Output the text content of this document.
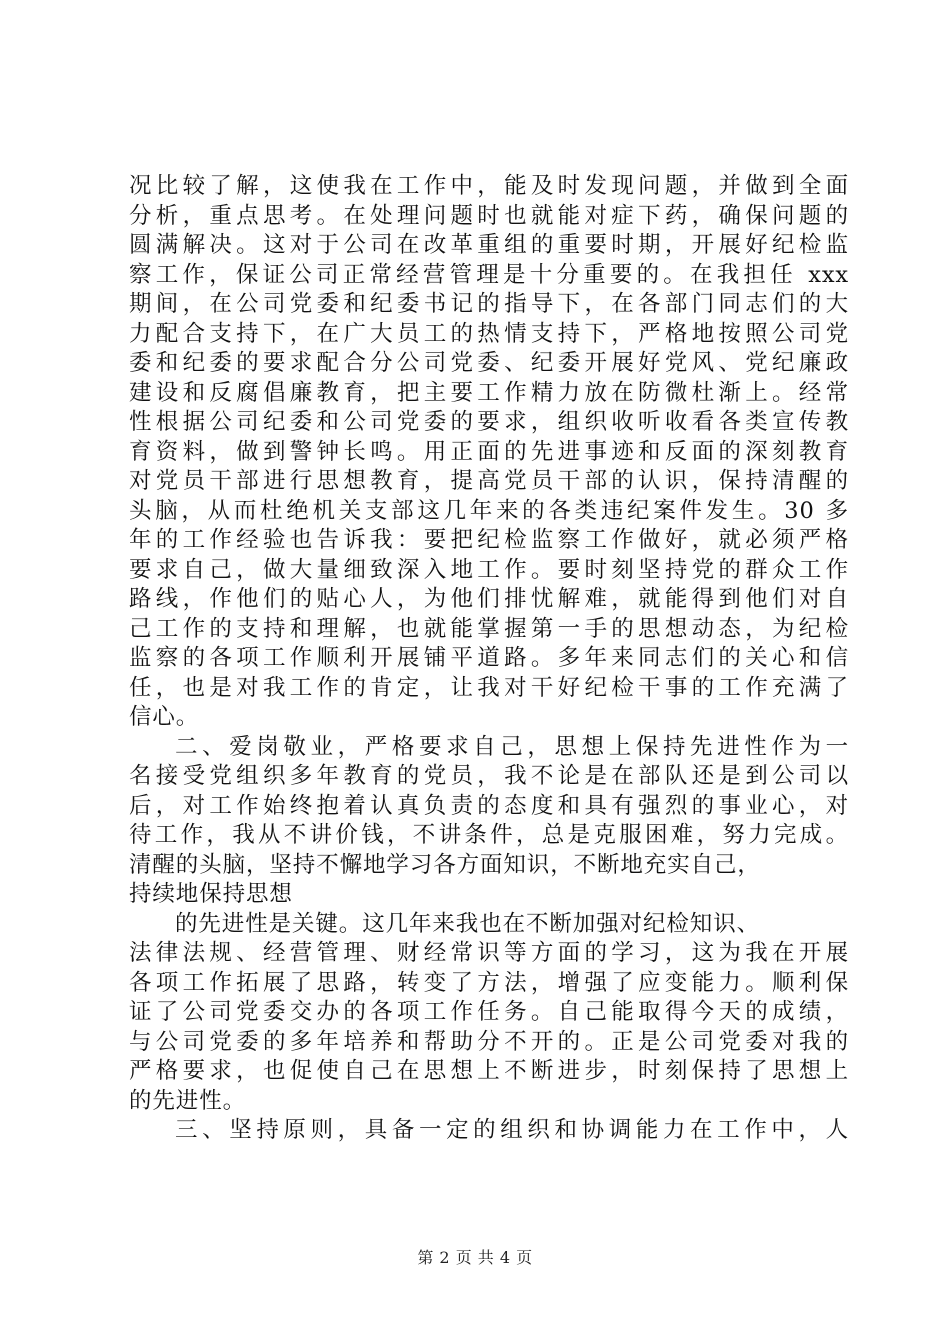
况比较了解，这使我在工作中，能及时发现问题，并做到全面
分析，重点思考。在处理问题时也就能对症下药，确保问题的
圆满解决。这对于公司在改革重组的重要时期，开展好纪检监
察工作，保证公司正常经营管理是十分重要的。在我担任 xxx
期间，在公司党委和纪委书记的指导下，在各部门同志们的大
力配合支持下，在广大员工的热情支持下，严格地按照公司党
委和纪委的要求配合分公司党委、纪委开展好党风、党纪廉政
建设和反腐倡廉教育，把主要工作精力放在防微杜渐上。经常
性根据公司纪委和公司党委的要求，组织收听收看各类宣传教
育资料，做到警钟长鸣。用正面的先进事迹和反面的深刻教育
对党员干部进行思想教育，提高党员干部的认识，保持清醒的
头脑，从而杜绝机关支部这几年来的各类违纪案件发生。30 多
年的工作经验也告诉我：要把纪检监察工作做好，就必须严格
要求自己，做大量细致深入地工作。要时刻坚持党的群众工作
路线，作他们的贴心人，为他们排忧解难，就能得到他们对自
己工作的支持和理解，也就能掌握第一手的思想动态，为纪检
监察的各项工作顺利开展铺平道路。多年来同志们的关心和信
任，也是对我工作的肯定，让我对干好纪检干事的工作充满了
信心。
二、爱岗敬业，严格要求自己，思想上保持先进性作为一
名接受党组织多年教育的党员，我不论是在部队还是到公司以
后，对工作始终抱着认真负责的态度和具有强烈的事业心，对
待工作，我从不讲价钱，不讲条件，总是克服困难，努力完成。
清醒的头脑，坚持不懈地学习各方面知识，不断地充实自己，
持续地保持思想
的先进性是关键。这几年来我也在不断加强对纪检知识、
法律法规、经营管理、财经常识等方面的学习，这为我在开展
各项工作拓展了思路，转变了方法，增强了应变能力。顺利保
证了公司党委交办的各项工作任务。自己能取得今天的成绩，
与公司党委的多年培养和帮助分不开的。正是公司党委对我的
严格要求，也促使自己在思想上不断进步，时刻保持了思想上
的先进性。
三、坚持原则，具备一定的组织和协调能力在工作中，人
第 2 页 共 4 页
